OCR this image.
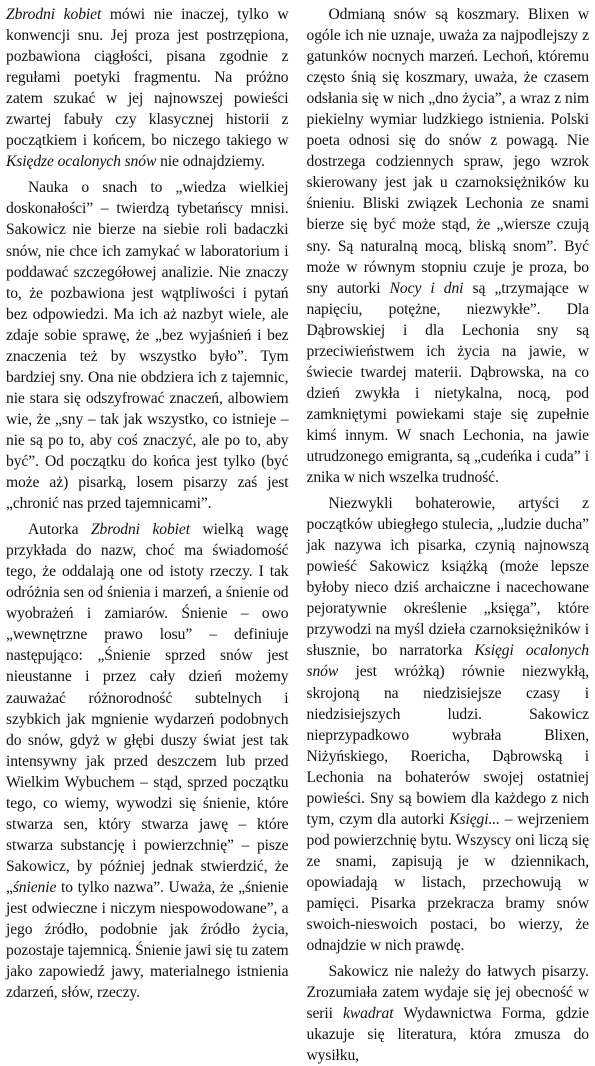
Zbrodni kobiet mówi nie inaczej, tylko w konwencji snu. Jej proza jest postrzępiona, pozbawiona ciągłości, pisana zgodnie z regułami poetyki fragmentu. Na próżno zatem szukać w jej najnowszej powieści zwartej fabuły czy klasycznej historii z początkiem i końcem, bo niczego takiego w Księdze ocalonych snów nie odnajdziemy.

Nauka o snach to „wiedza wielkiej doskonałości” – twierdzą tybetańscy mnisi. Sakowicz nie bierze na siebie roli badaczki snów, nie chce ich zamykać w laboratorium i poddawać szczegółowej analizie. Nie znaczy to, że pozbawiona jest wątpliwości i pytań bez odpowiedzi. Ma ich aż nazbyt wiele, ale zdaje sobie sprawę, że „bez wyjaśnień i bez znaczenia też by wszystko było”. Tym bardziej sny. Ona nie obdziera ich z tajemnic, nie stara się odszyfrować znaczeń, albowiem wie, że „sny – tak jak wszystko, co istnieje – nie są po to, aby coś znaczyć, ale po to, aby być”. Od początku do końca jest tylko (być może aż) pisarką, losem pisarzy zaś jest „chronić nas przed tajemnicami”.

Autorka Zbrodni kobiet wielką wagę przykłada do nazw, choć ma świadomość tego, że oddalają one od istoty rzeczy. I tak odróżnia sen od śnienia i marzeń, a śnienie od wyobrażeń i zamiarów. Śnienie – owo „wewnętrzne prawo losu” – definiuje następująco: „Śnienie sprzed snów jest nieustanne i przez cały dzień możemy zauważać różnorodność subtelnych i szybkich jak mgnienie wydarzeń podobnych do snów, gdyż w głębi duszy świat jest tak intensywny jak przed deszczem lub przed Wielkim Wybuchem – stąd, sprzed początku tego, co wiemy, wywodzi się śnienie, które stwarza sen, który stwarza jawę – które stwarza substancję i powierzchnię” – pisze Sakowicz, by później jednak stwierdzić, że „śnienie to tylko nazwa”. Uważa, że „śnienie jest odwieczne i niczym niespowodowane”, a jego źródło, podobnie jak źródło życia, pozostaje tajemnicą. Śnienie jawi się tu zatem jako zapowiedź jawy, materialnego istnienia zdarzeń, słów, rzeczy.

Odmianą snów są koszmary. Blixen w ogóle ich nie uznaje, uważa za najpodlejszy z gatunków nocnych marzeń. Lechoń, któremu często śnią się koszmary, uważa, że czasem odsłania się w nich „dno życia”, a wraz z nim piekielny wymiar ludzkiego istnienia. Polski poeta odnosi się do snów z powagą. Nie dostrzega codziennych spraw, jego wzrok skierowany jest jak u czarnoksiężników ku śnieniu. Bliski związek Lechonia ze snami bierze się być może stąd, że „wiersze czują sny. Są naturalną mocą, bliską snom”. Być może w równym stopniu czuje je proza, bo sny autorki Nocy i dni są „trzymające w napięciu, potężne, niezwykłe”. Dla Dąbrowskiej i dla Lechonia sny są przeciwieństwem ich życia na jawie, w świecie twardej materii. Dąbrowska, na co dzień zwykła i nietykalna, nocą, pod zamkniętymi powiekami staje się zupełnie kimś innym. W snach Lechonia, na jawie utrudzonego emigranta, są „cudeńka i cuda” i znika w nich wszelka trudność.

Niezwykli bohaterowie, artyści z początków ubiegłego stulecia, „ludzie ducha” jak nazywa ich pisarka, czynią najnowszą powieść Sakowicz książką (może lepsze byłoby nieco dziś archaiczne i nacechowane pejoratywnie określenie „księga”, które przywodzi na myśl dzieła czarnoksiężników i słusznie, bo narratorka Księgi ocalonych snów jest wróżką) równie niezwykłą, skrojoną na niedzisiejsze czasy i niedzisiejszych ludzi. Sakowicz nieprzypadkowo wybrała Blixen, Niżyńskiego, Roericha, Dąbrowską i Lechonia na bohaterów swojej ostatniej powieści. Sny są bowiem dla każdego z nich tym, czym dla autorki Księgi... – wejrzeniem pod powierzchnię bytu. Wszyscy oni liczą się ze snami, zapisują je w dziennikach, opowiadają w listach, przechowują w pamięci. Pisarka przekracza bramy snów swoich-nieswoich postaci, bo wierzy, że odnajdzie w nich prawdę.

Sakowicz nie należy do łatwych pisarzy. Zrozumiała zatem wydaje się jej obecność w serii kwadrat Wydawnictwa Forma, gdzie ukazuje się literatura, która zmusza do wysiłku,
